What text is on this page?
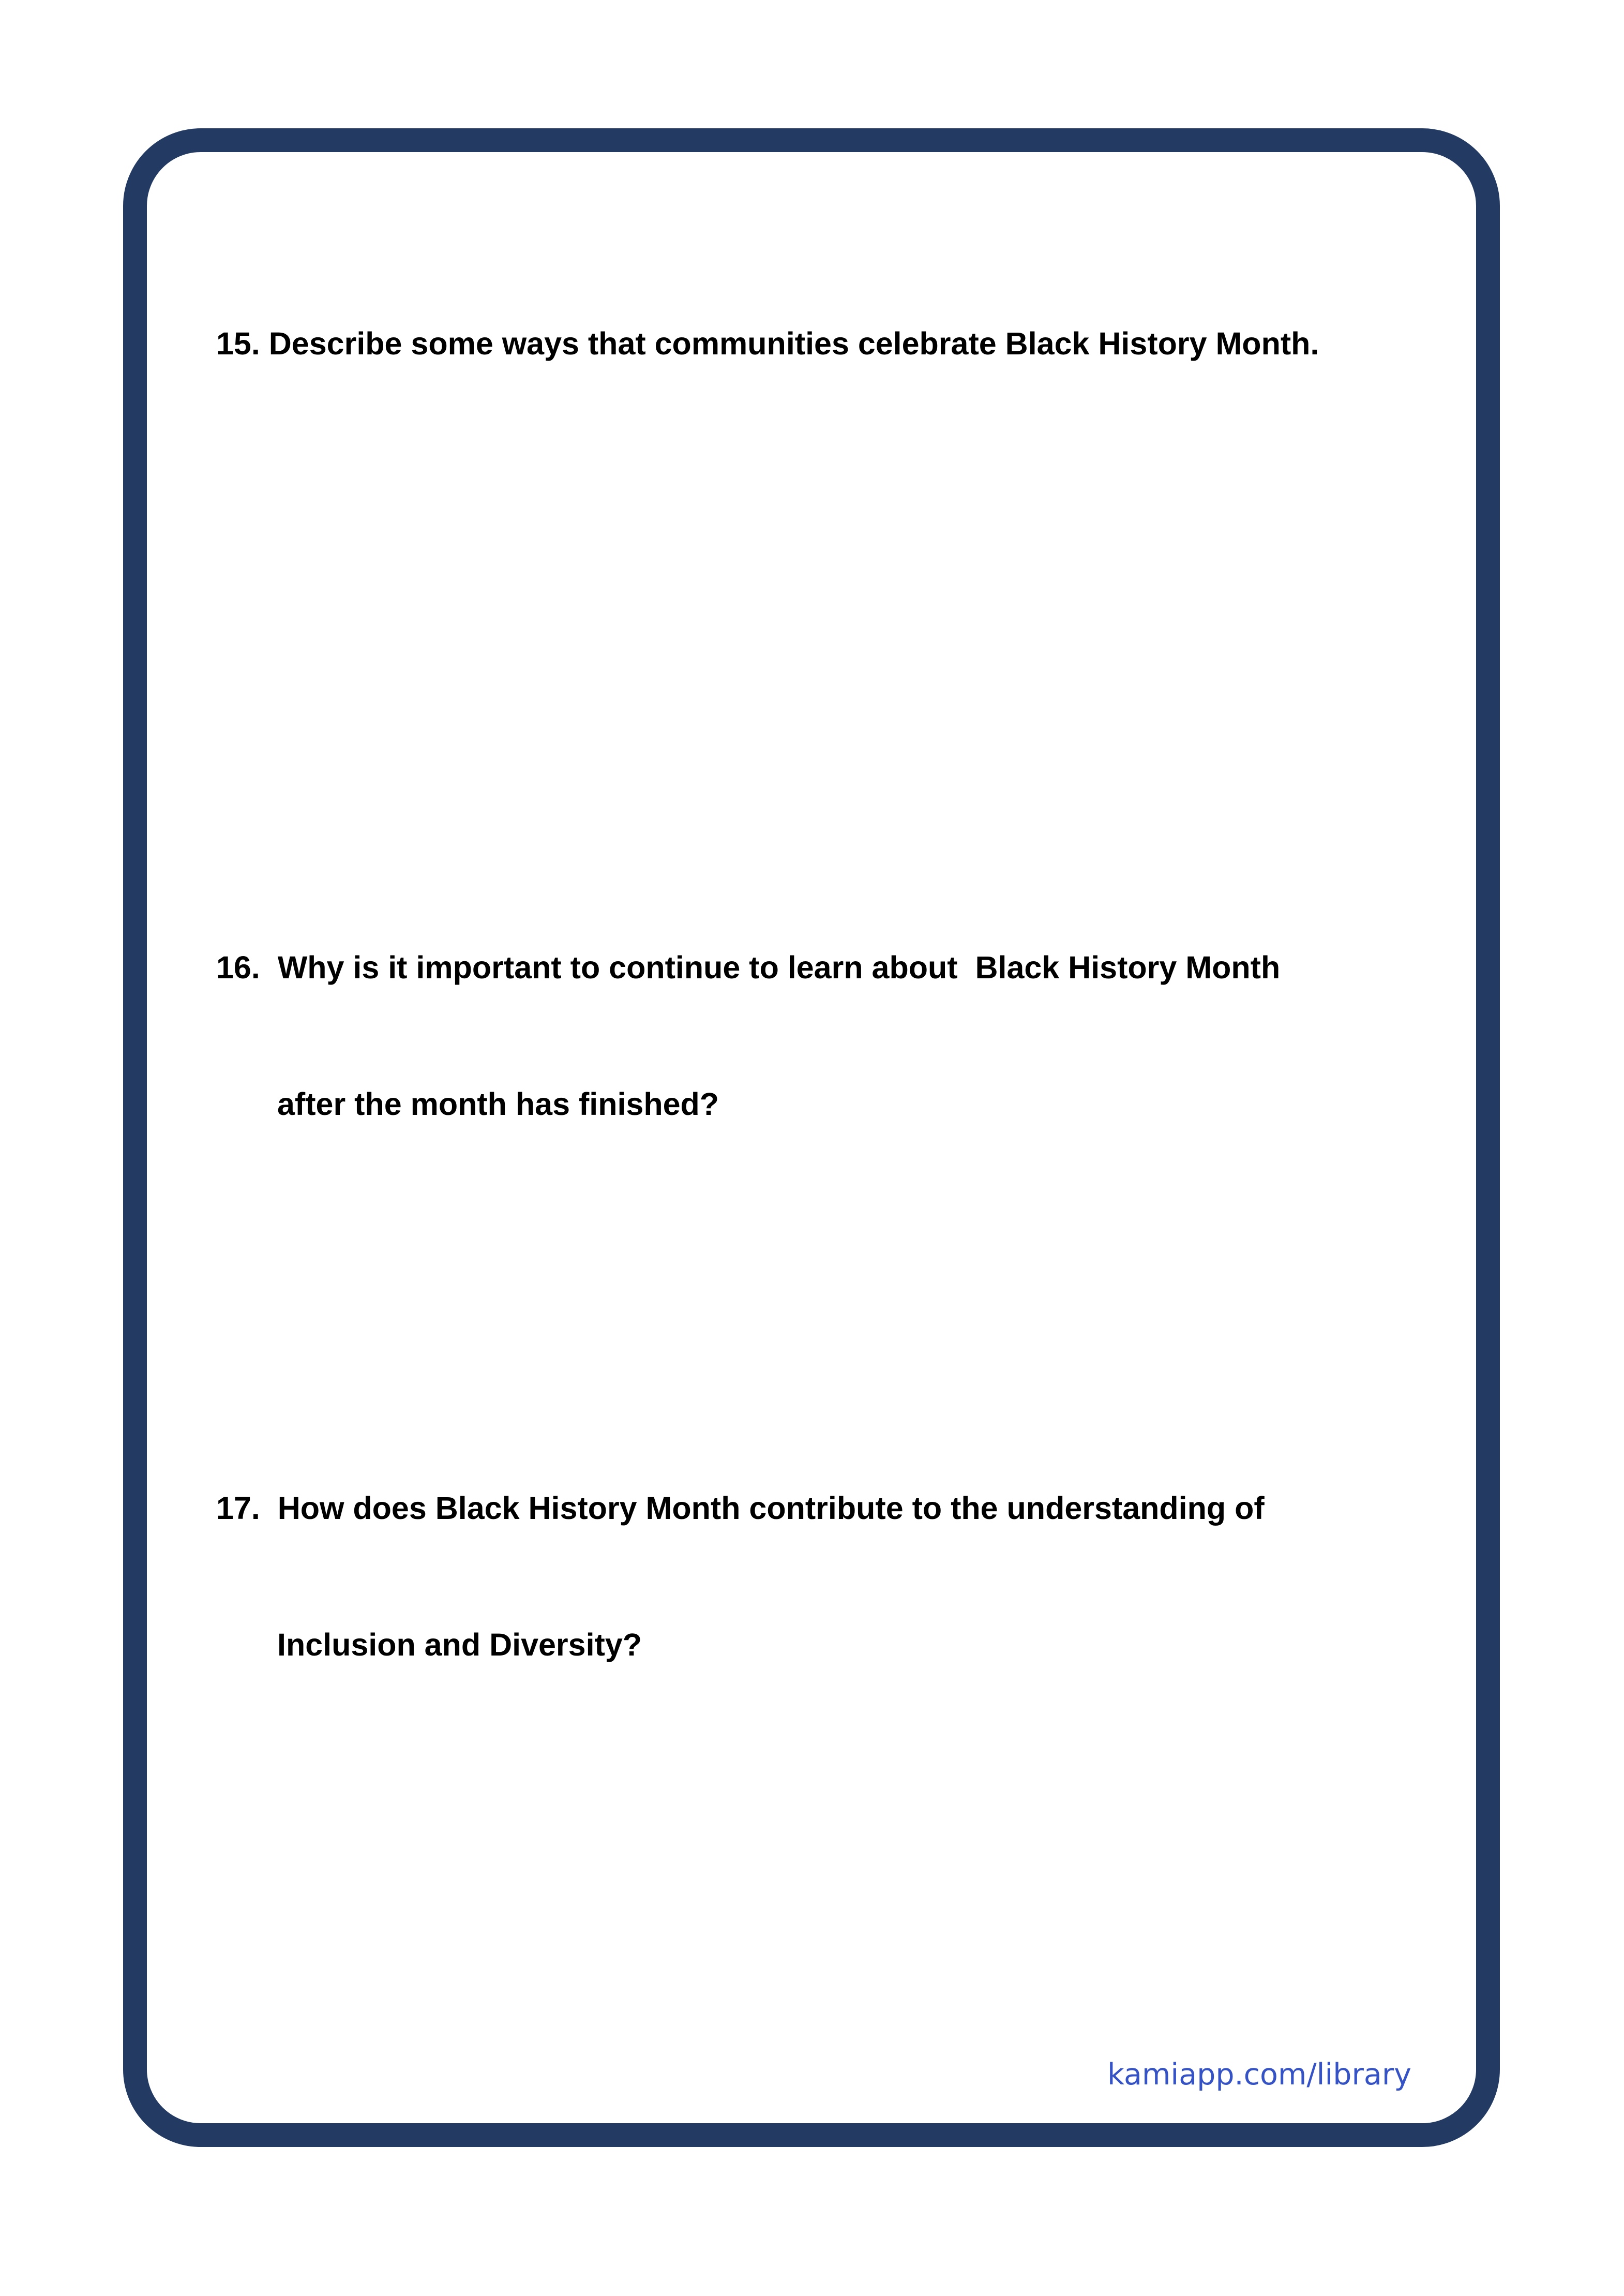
15. Describe some ways that communities celebrate Black History Month.

16.  Why is it important to continue to learn about  Black History Month

after the month has finished?

17.  How does Black History Month contribute to the understanding of

Inclusion and Diversity?

kamiapp.com/library
